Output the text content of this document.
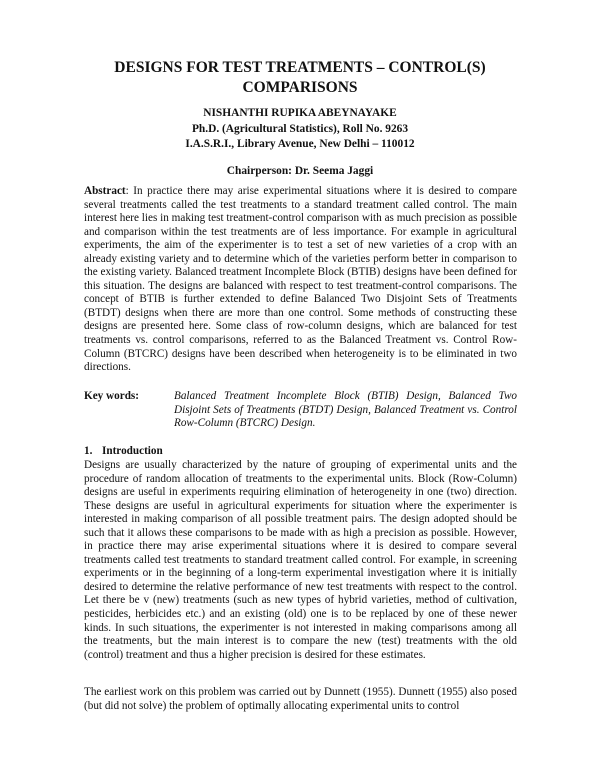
DESIGNS FOR TEST TREATMENTS – CONTROL(S)
COMPARISONS
NISHANTHI RUPIKA ABEYNAYAKE
Ph.D. (Agricultural Statistics), Roll No. 9263
I.A.S.R.I., Library Avenue, New Delhi – 110012
Chairperson: Dr. Seema Jaggi

Abstract: In practice there may arise experimental situations where it is desired to compare several treatments called the test treatments to a standard treatment called control. The main interest here lies in making test treatment-control comparison with as much precision as possible and comparison within the test treatments are of less importance. For example in agricultural experiments, the aim of the experimenter is to test a set of new varieties of a crop with an already existing variety and to determine which of the varieties perform better in comparison to the existing variety. Balanced treatment Incomplete Block (BTIB) designs have been defined for this situation. The designs are balanced with respect to test treatment-control comparisons. The concept of BTIB is further extended to define Balanced Two Disjoint Sets of Treatments (BTDT) designs when there are more than one control. Some methods of constructing these designs are presented here. Some class of row-column designs, which are balanced for test treatments vs. control comparisons, referred to as the Balanced Treatment vs. Control Row-Column (BTCRC) designs have been described when heterogeneity is to be eliminated in two directions.

Key words:	Balanced Treatment Incomplete Block (BTIB) Design, Balanced Two Disjoint Sets of Treatments (BTDT) Design, Balanced Treatment vs. Control Row-Column (BTCRC) Design.
1. Introduction

Designs are usually characterized by the nature of grouping of experimental units and the procedure of random allocation of treatments to the experimental units. Block (Row-Column) designs are useful in experiments requiring elimination of heterogeneity in one (two) direction. These designs are useful in agricultural experiments for situation where the experimenter is interested in making comparison of all possible treatment pairs. The design adopted should be such that it allows these comparisons to be made with as high a precision as possible. However, in practice there may arise experimental situations where it is desired to compare several treatments called test treatments to standard treatment called control. For example, in screening experiments or in the beginning of a long-term experimental investigation where it is initially desired to determine the relative performance of new test treatments with respect to the control. Let there be v (new) treatments (such as new types of hybrid varieties, method of cultivation, pesticides, herbicides etc.) and an existing (old) one is to be replaced by one of these newer kinds. In such situations, the experimenter is not interested in making comparisons among all the treatments, but the main interest is to compare the new (test) treatments with the old (control) treatment and thus a higher precision is desired for these estimates.

The earliest work on this problem was carried out by Dunnett (1955). Dunnett (1955) also posed (but did not solve) the problem of optimally allocating experimental units to control
